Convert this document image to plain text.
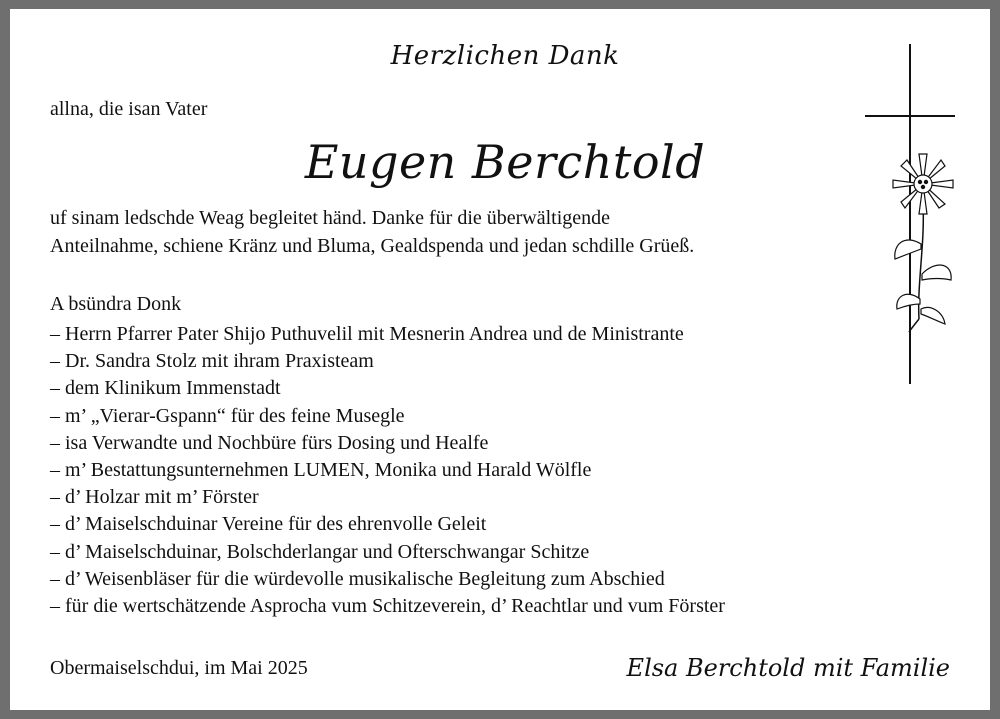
Herzlichen Dank
allna, die isan Vater
Eugen Berchtold
uf sinam ledschde Weag begleitet händ. Danke für die überwältigende
Anteilnahme, schiene Kränz und Bluma, Gealdspenda und jedan schdille Grüeß.
A bsündra Donk
– Herrn Pfarrer Pater Shijo Puthuvelil mit Mesnerin Andrea und de Ministrante
– Dr. Sandra Stolz mit ihram Praxisteam
– dem Klinikum Immenstadt
– m’ „Vierar-Gspann“ für des feine Musegle
– isa Verwandte und Nochbüre fürs Dosing und Healfe
– m’ Bestattungsunternehmen LUMEN, Monika und Harald Wölfle
– d’ Holzar mit m’ Förster
– d’ Maiselschduinar Vereine für des ehrenvolle Geleit
– d’ Maiselschduinar, Bolschderlangar und Ofterschwangar Schitze
– d’ Weisenbläser für die würdevolle musikalische Begleitung zum Abschied
– für die wertschätzende Asprocha vum Schitzeverein, d’ Reachtlar und vum Förster
Obermaiselschdui, im Mai 2025	Elsa Berchtold mit Familie
